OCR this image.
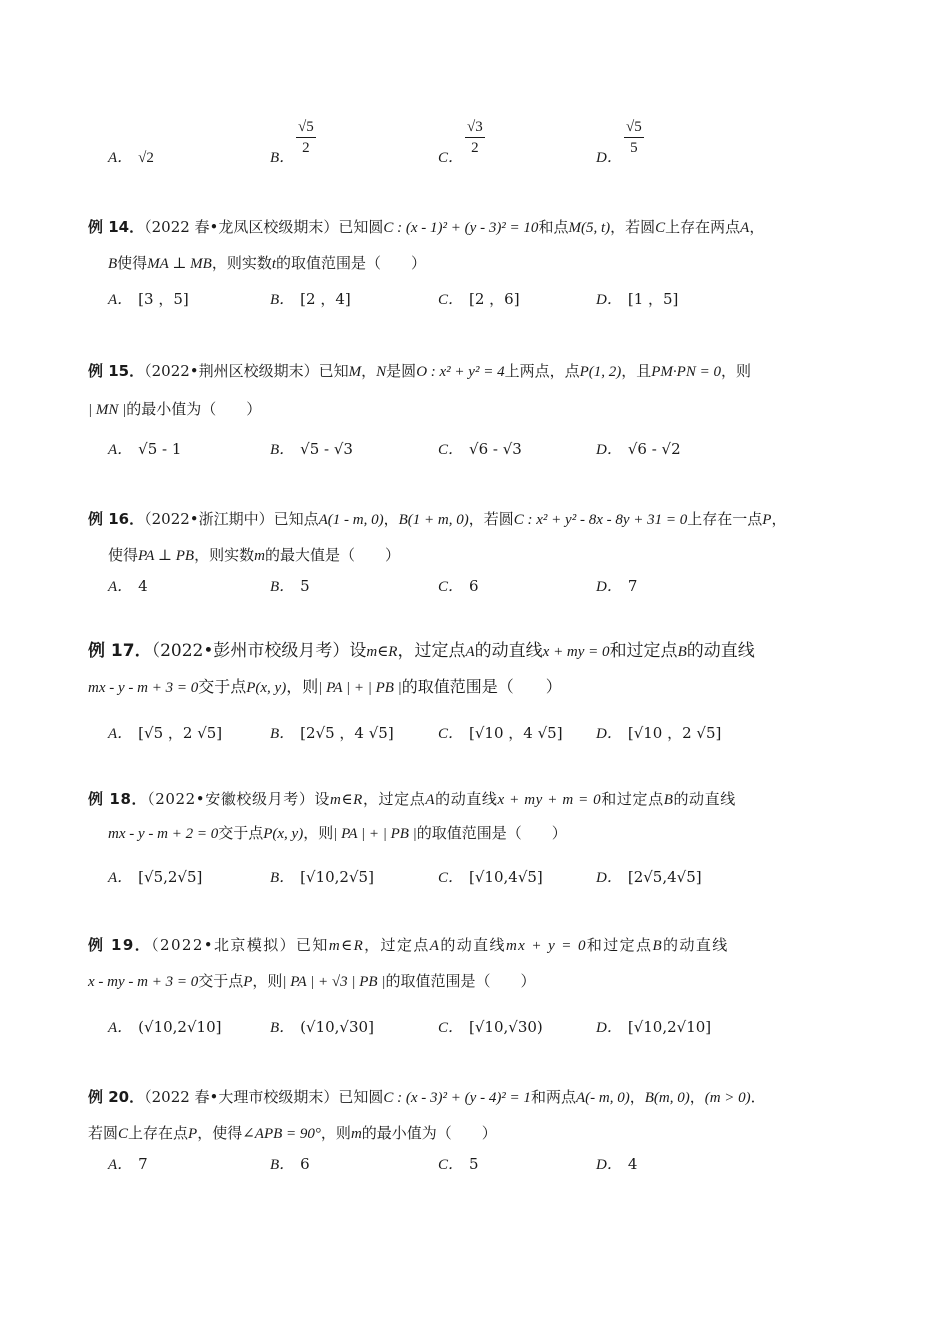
A． √2	B．	C．	D．
$\frac{√5}{2}$	$\frac{√3}{2}$	$\frac{√5}{5}$
例 14．（2022 春•龙凤区校级期末）已知圆C : (x - 1)² + (y - 3)² = 10和点M(5, t)，若圆C上存在两点A，
B使得MA ⊥ MB，则实数t的取值范围是（　　）
A． [3 ，5]	B． [2 ，4]	C． [2 ，6]	D． [1 ，5]
例 15．（2022•荆州区校级期末）已知M，N是圆O : x² + y² = 4上两点，点P(1, 2)，且PM·PN = 0，则
| MN |的最小值为（　　）
A． √5 - 1	B． √5 - √3	C． √6 - √3	D． √6 - √2
例 16．（2022•浙江期中）已知点A(1 - m, 0)，B(1 + m, 0)，若圆C : x² + y² - 8x - 8y + 31 = 0上存在一点P，
使得PA ⊥ PB，则实数m的最大值是（　　）
A． 4	B． 5	C． 6	D． 7
例 17．（2022•彭州市校级月考）设m∈R，过定点A的动直线x + my = 0和过定点B的动直线
mx - y - m + 3 = 0交于点P(x, y)，则| PA | + | PB |的取值范围是（　　）
A． [√5 ，2 √5]	B． [2√5 ，4 √5]	C． [√10 ，4 √5] D． [√10 ，2 √5]
例 18．（2022•安徽校级月考）设m∈R，过定点A的动直线x + my + m = 0和过定点B的动直线
mx - y - m + 2 = 0交于点P(x, y)，则| PA | + | PB |的取值范围是（　　）
A． [√5,2√5]	B． [√10,2√5]	C． [√10,4√5]	D． [2√5,4√5]
例 19．（2022•北京模拟）已知m∈R，过定点A的动直线mx + y = 0和过定点B的动直线
x - my - m + 3 = 0交于点P，则| PA | + √3 | PB |的取值范围是（　　）
A． (√10,2√10]	B． (√10,√30]	C． [√10,√30)	D． [√10,2√10]
例 20．（2022 春•大理市校级期末）已知圆C : (x - 3)² + (y - 4)² = 1和两点A(- m, 0)，B(m, 0)，(m > 0)．
若圆C上存在点P，使得∠APB = 90°，则m的最小值为（　　）
A． 7	B． 6	C． 5	D． 4
